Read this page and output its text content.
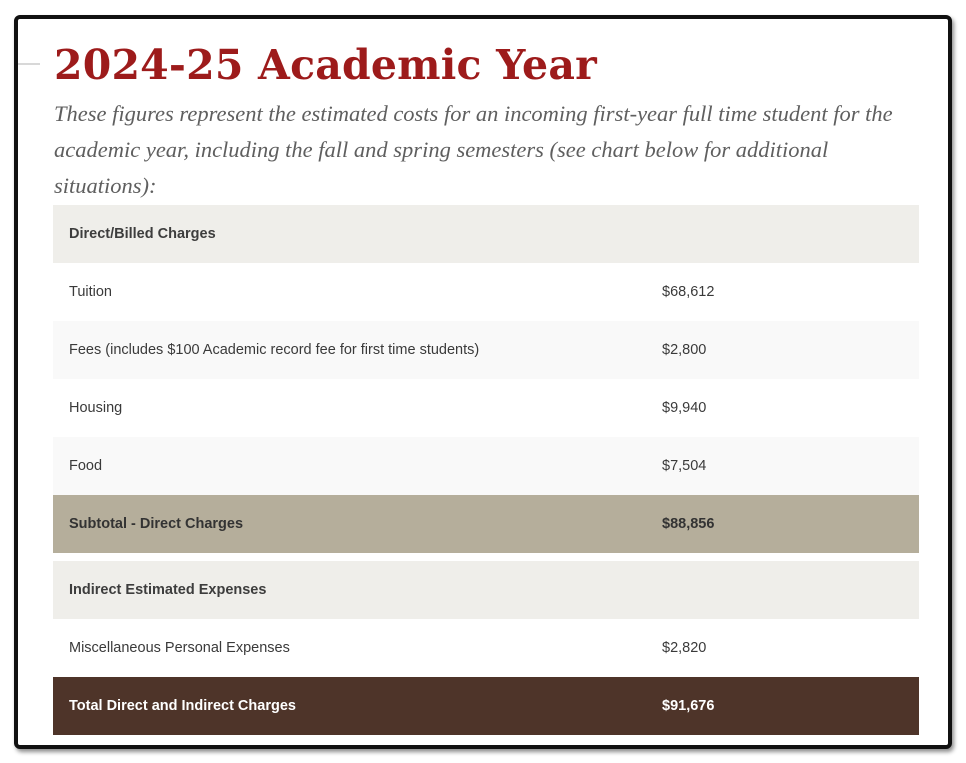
2024-25 Academic Year

These figures represent the estimated costs for an incoming first-year full time student for the academic year, including the fall and spring semesters (see chart below for additional situations):

Direct/Billed Charges	
Tuition	$68,612
Fees (includes $100 Academic record fee for first time students)	$2,800
Housing	$9,940
Food	$7,504
Subtotal - Direct Charges	$88,856

Indirect Estimated Expenses	
Miscellaneous Personal Expenses	$2,820
Total Direct and Indirect Charges	$91,676
